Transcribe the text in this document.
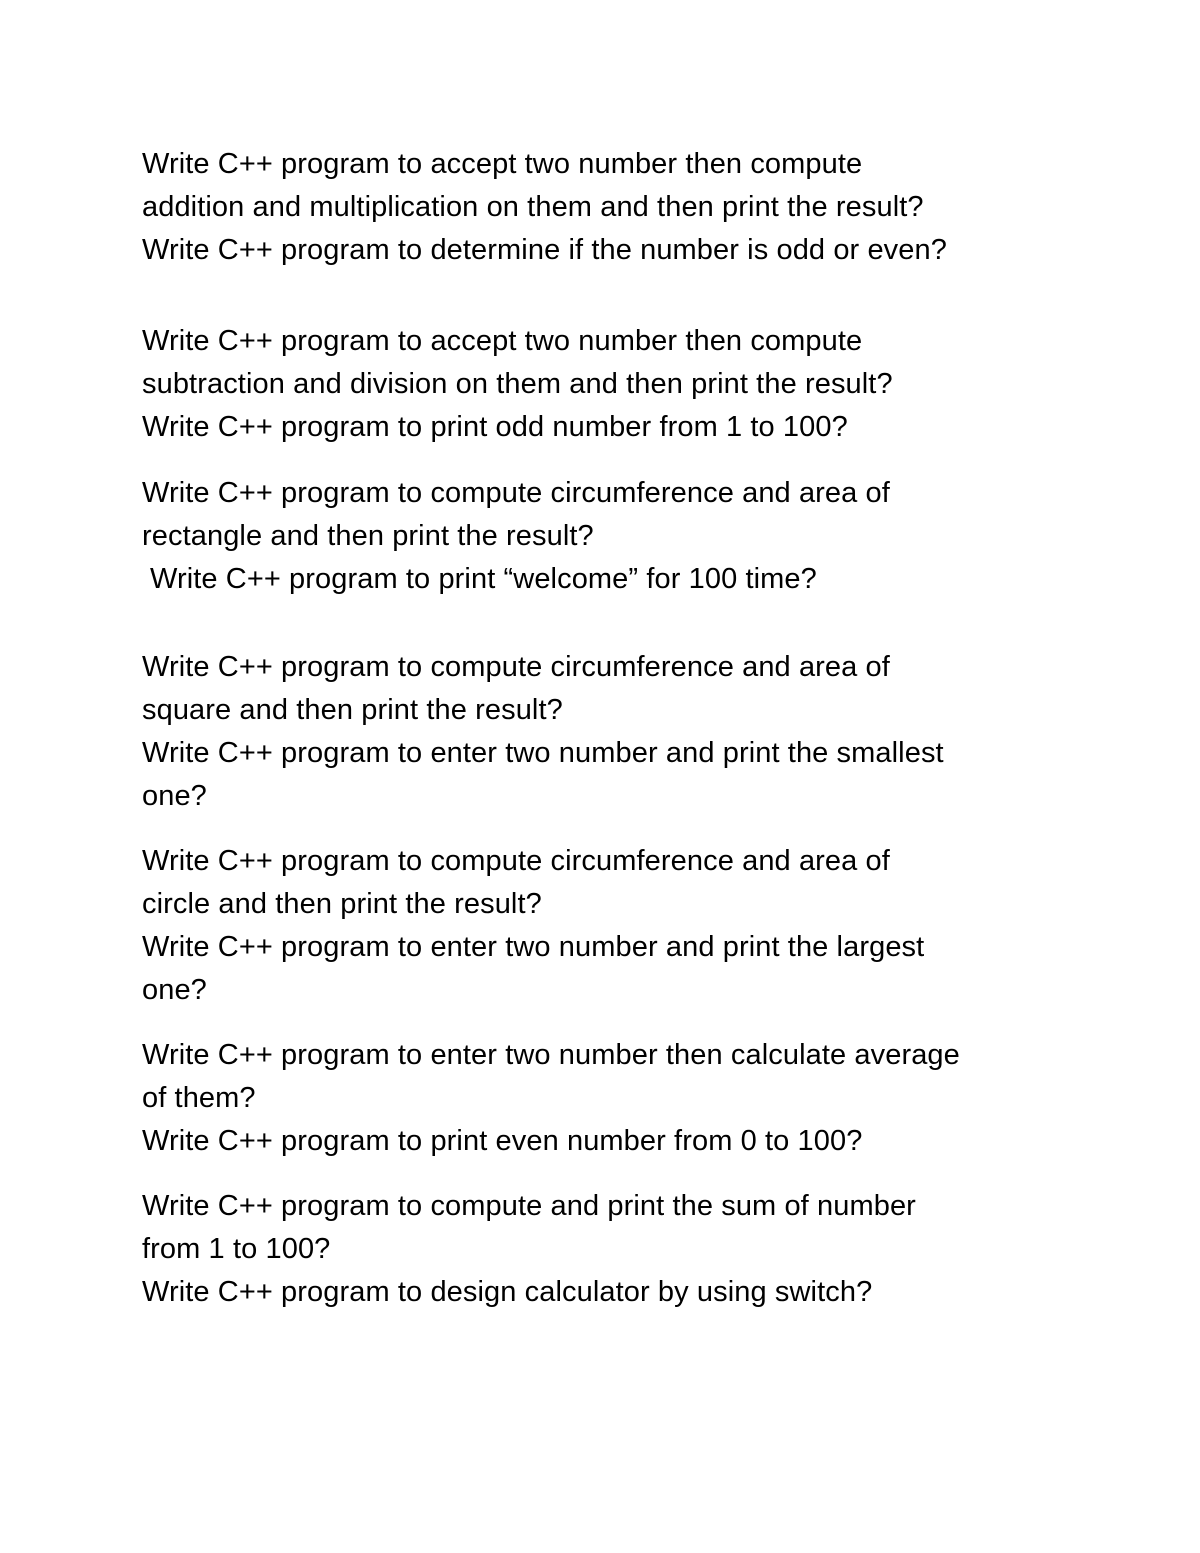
Write C++ program to accept two number then compute
addition and multiplication on them and then print the result?
Write C++ program to determine if the number is odd or even?
Write C++ program to accept two number then compute
subtraction and division on them and then print the result?
Write C++ program to print odd number from 1 to 100?
Write C++ program to compute circumference and area of
rectangle and then print the result?
Write C++ program to print “welcome” for 100 time?
Write C++ program to compute circumference and area of
square and then print the result?
Write C++ program to enter two number and print the smallest
one?
Write C++ program to compute circumference and area of
circle and then print the result?
Write C++ program to enter two number and print the largest
one?
Write C++ program to enter two number then calculate average
of them?
Write C++ program to print even number from 0 to 100?
Write C++ program to compute and print the sum of number
from 1 to 100?
Write C++ program to design calculator by using switch?
